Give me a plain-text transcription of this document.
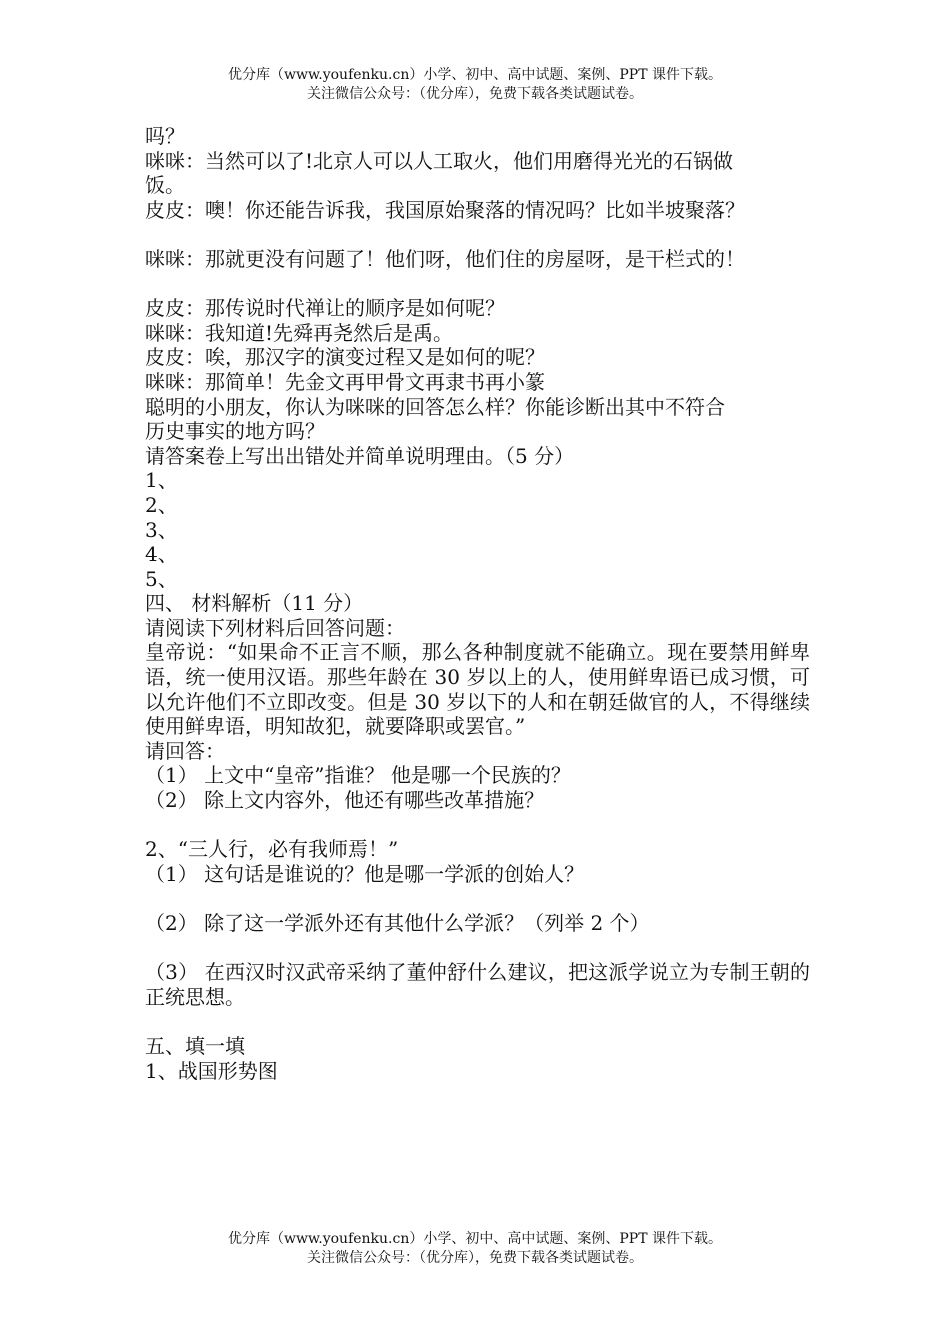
优分库（www.youfenku.cn）小学、初中、高中试题、案例、PPT 课件下载。
关注微信公众号：（优分库），免费下载各类试题试卷。
吗？
咪咪：当然可以了!北京人可以人工取火，他们用磨得光光的石锅做
饭。
皮皮：噢！你还能告诉我，我国原始聚落的情况吗？比如半坡聚落？
咪咪：那就更没有问题了！他们呀，他们住的房屋呀，是干栏式的！
皮皮：那传说时代禅让的顺序是如何呢？
咪咪：我知道!先舜再尧然后是禹。
皮皮：唉，那汉字的演变过程又是如何的呢？
咪咪：那简单！先金文再甲骨文再隶书再小篆
聪明的小朋友，你认为咪咪的回答怎么样？你能诊断出其中不符合
历史事实的地方吗？
请答案卷上写出出错处并简单说明理由。（5 分）
1、
2、
3、
4、
5、
四、 材料解析（11 分）
请阅读下列材料后回答问题：
皇帝说：“如果命不正言不顺，那么各种制度就不能确立。现在要禁用鲜卑语，统一使用汉语。那些年龄在 30 岁以上的人，使用鲜卑语已成习惯，可以允许他们不立即改变。但是 30 岁以下的人和在朝廷做官的人，不得继续使用鲜卑语，明知故犯，就要降职或罢官。”
请回答：
（1） 上文中“皇帝”指谁？ 他是哪一个民族的？
（2） 除上文内容外，他还有哪些改革措施？
2、“三人行，必有我师焉！”
（1） 这句话是谁说的？他是哪一学派的创始人？
（2） 除了这一学派外还有其他什么学派？（列举 2 个）
（3） 在西汉时汉武帝采纳了董仲舒什么建议，把这派学说立为专制王朝的正统思想。
五、填一填
1、战国形势图
优分库（www.youfenku.cn）小学、初中、高中试题、案例、PPT 课件下载。
关注微信公众号：（优分库），免费下载各类试题试卷。
